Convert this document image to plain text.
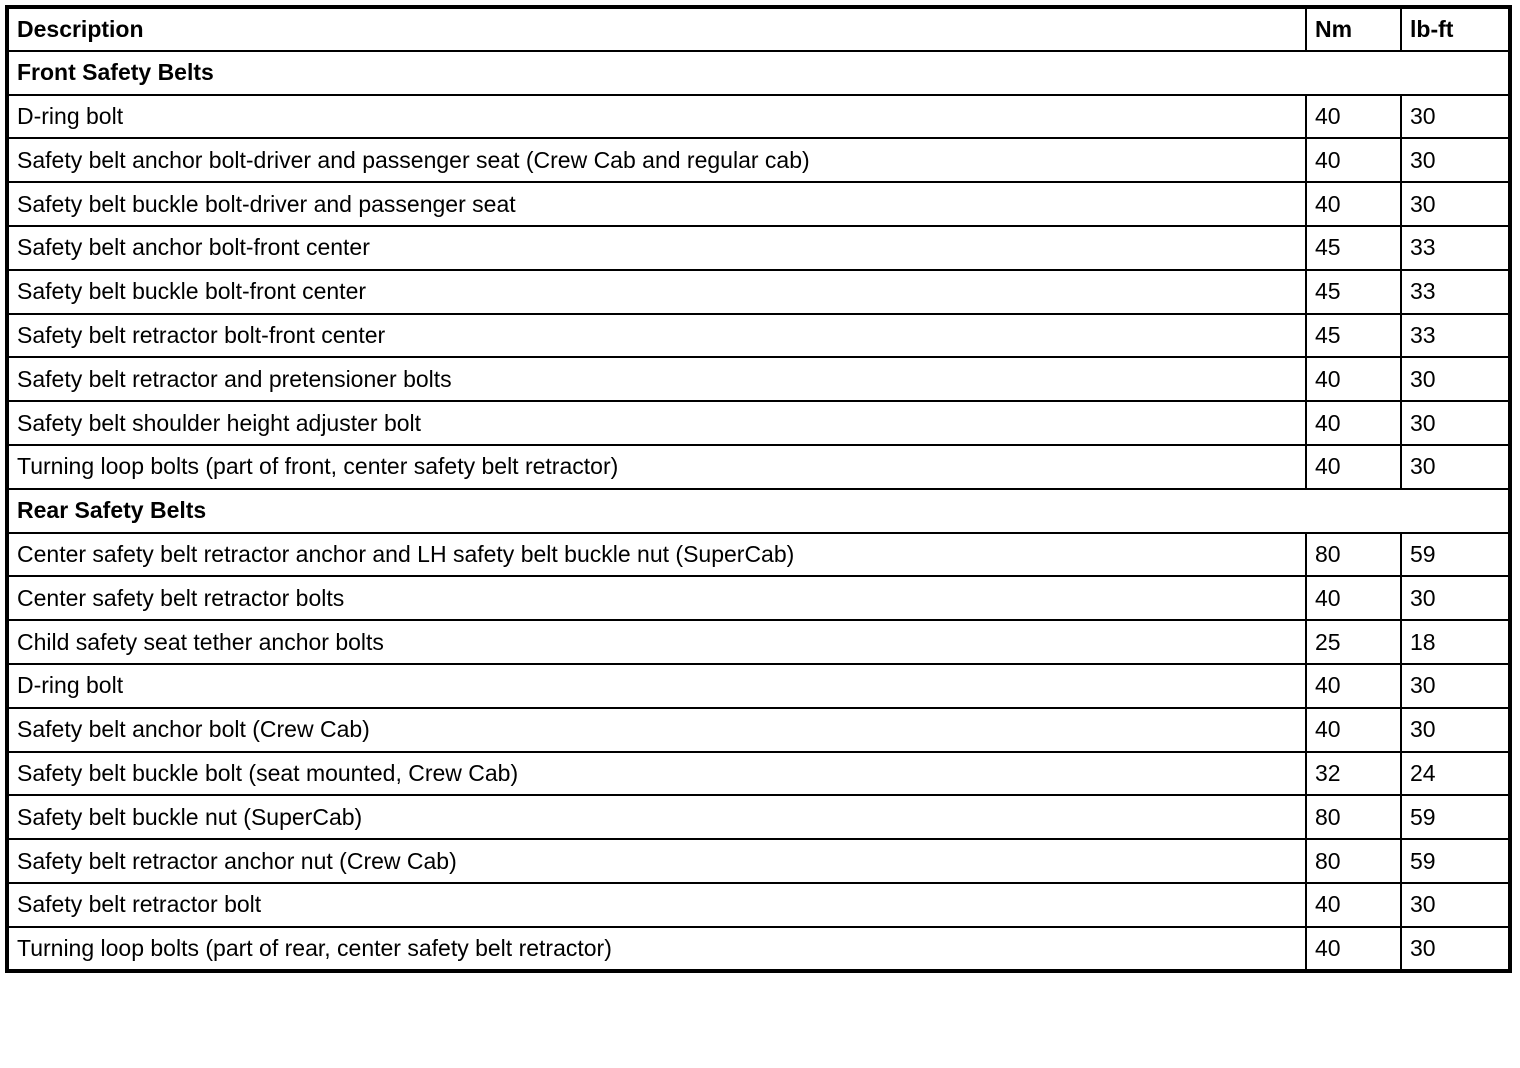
Description	Nm	lb-ft
Front Safety Belts		
D-ring bolt	40	30
Safety belt anchor bolt-driver and passenger seat (Crew Cab and regular cab)	40	30
Safety belt buckle bolt-driver and passenger seat	40	30
Safety belt anchor bolt-front center	45	33
Safety belt buckle bolt-front center	45	33
Safety belt retractor bolt-front center	45	33
Safety belt retractor and pretensioner bolts	40	30
Safety belt shoulder height adjuster bolt	40	30
Turning loop bolts (part of front, center safety belt retractor)	40	30
Rear Safety Belts		
Center safety belt retractor anchor and LH safety belt buckle nut (SuperCab)	80	59
Center safety belt retractor bolts	40	30
Child safety seat tether anchor bolts	25	18
D-ring bolt	40	30
Safety belt anchor bolt (Crew Cab)	40	30
Safety belt buckle bolt (seat mounted, Crew Cab)	32	24
Safety belt buckle nut (SuperCab)	80	59
Safety belt retractor anchor nut (Crew Cab)	80	59
Safety belt retractor bolt	40	30
Turning loop bolts (part of rear, center safety belt retractor)	40	30
